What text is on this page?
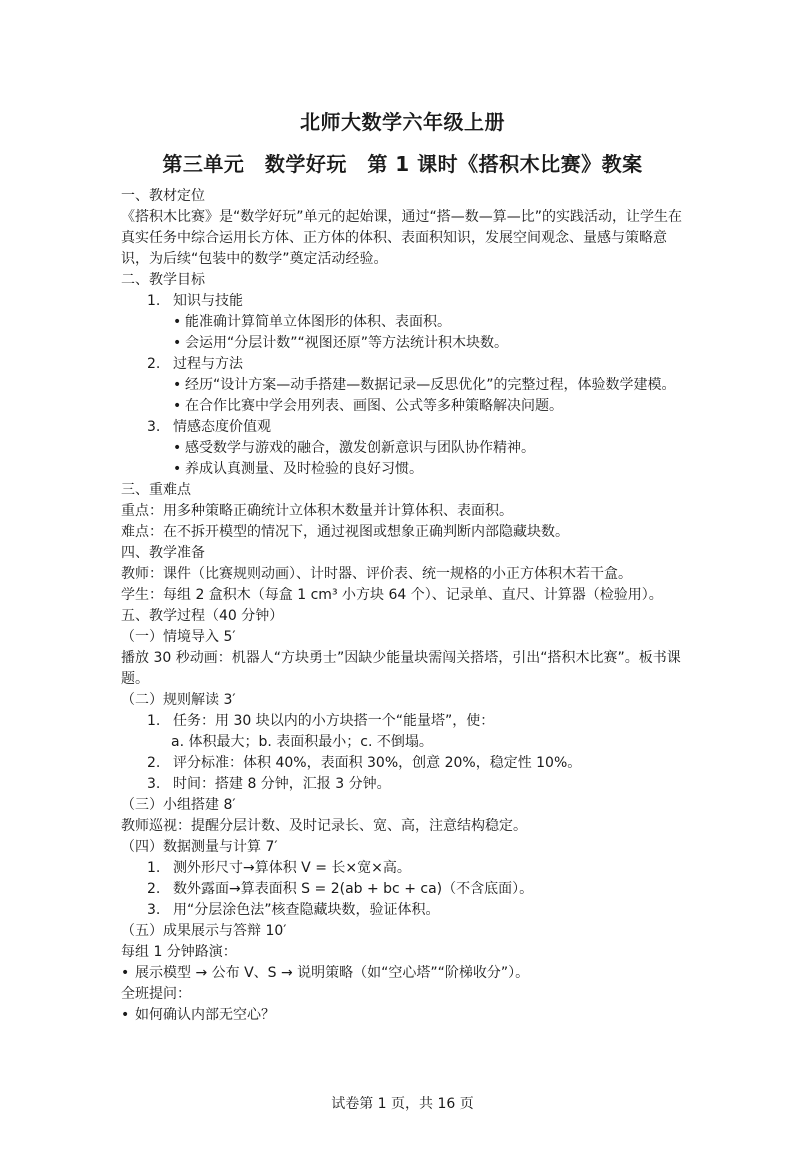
北师大数学六年级上册
第三单元　数学好玩　第 1 课时《搭积木比赛》教案

一、教材定位

《搭积木比赛》是“数学好玩”单元的起始课，通过“搭—数—算—比”的实践活动，让学生在真实任务中综合运用长方体、正方体的体积、表面积知识，发展空间观念、量感与策略意识，为后续“包装中的数学”奠定活动经验。

二、教学目标

1. 知识与技能

• 能准确计算简单立体图形的体积、表面积。

• 会运用“分层计数”“视图还原”等方法统计积木块数。

2. 过程与方法

• 经历“设计方案—动手搭建—数据记录—反思优化”的完整过程，体验数学建模。

• 在合作比赛中学会用列表、画图、公式等多种策略解决问题。

3. 情感态度价值观

• 感受数学与游戏的融合，激发创新意识与团队协作精神。

• 养成认真测量、及时检验的良好习惯。

三、重难点

重点：用多种策略正确统计立体积木数量并计算体积、表面积。

难点：在不拆开模型的情况下，通过视图或想象正确判断内部隐藏块数。

四、教学准备

教师：课件（比赛规则动画）、计时器、评价表、统一规格的小正方体积木若干盒。

学生：每组 2 盒积木（每盒 1 cm³ 小方块 64 个）、记录单、直尺、计算器（检验用）。

五、教学过程（40 分钟）

（一）情境导入 5′

播放 30 秒动画：机器人“方块勇士”因缺少能量块需闯关搭塔，引出“搭积木比赛”。板书课题。

（二）规则解读 3′

1. 任务：用 30 块以内的小方块搭一个“能量塔”，使：

a. 体积最大；b. 表面积最小；c. 不倒塌。

2. 评分标准：体积 40%，表面积 30%，创意 20%，稳定性 10%。

3. 时间：搭建 8 分钟，汇报 3 分钟。

（三）小组搭建 8′

教师巡视：提醒分层计数、及时记录长、宽、高，注意结构稳定。

（四）数据测量与计算 7′

1. 测外形尺寸→算体积 V = 长×宽×高。

2. 数外露面→算表面积 S = 2(ab + bc + ca)（不含底面）。

3. 用“分层涂色法”核查隐藏块数，验证体积。

（五）成果展示与答辩 10′

每组 1 分钟路演：

• 展示模型 → 公布 V、S → 说明策略（如“空心塔”“阶梯收分”）。

全班提问：

• 如何确认内部无空心？

试卷第 1 页，共 16 页
